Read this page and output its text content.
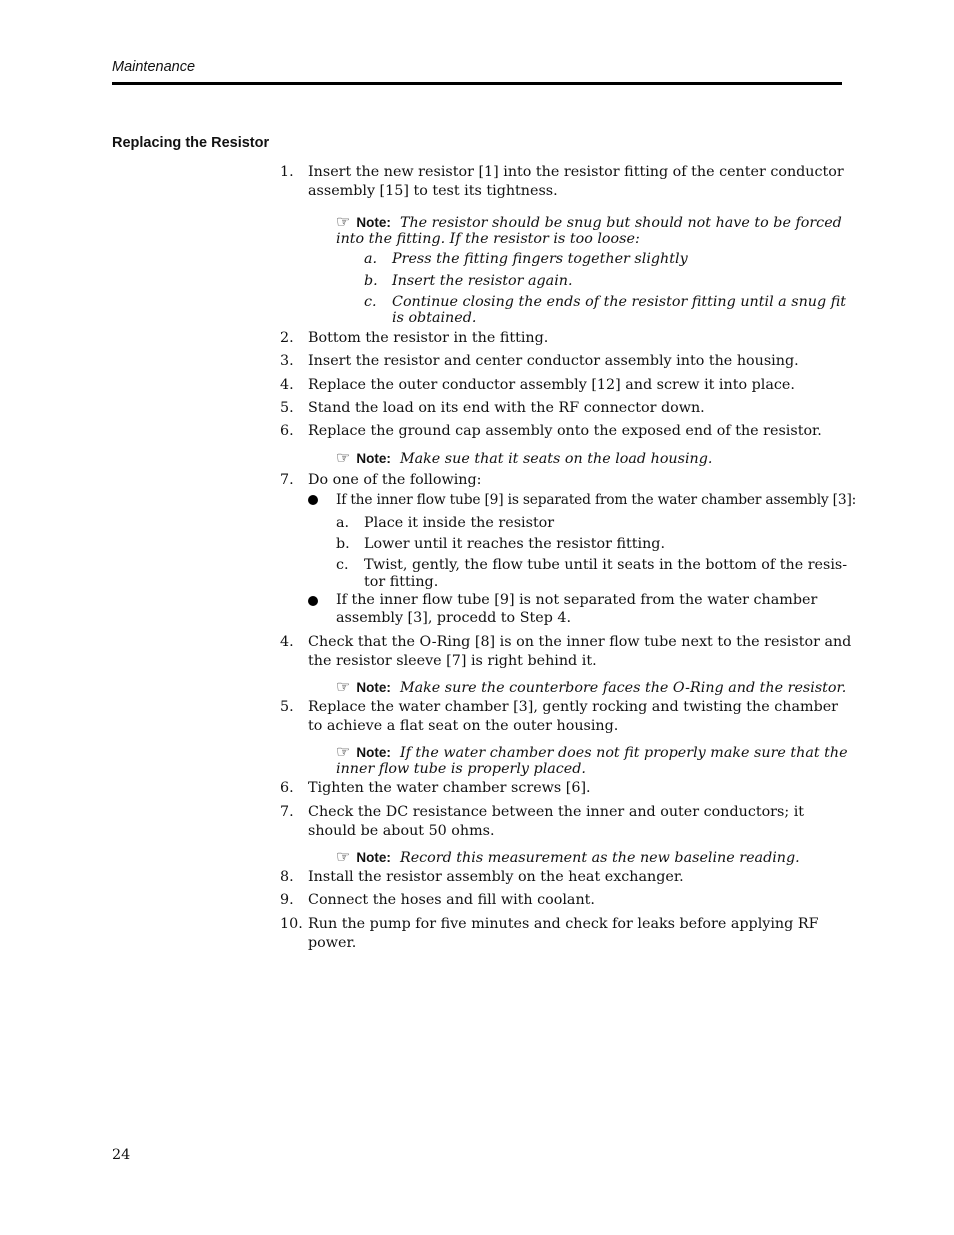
Maintenance
Replacing the Resistor
1.	Insert the new resistor [1] into the resistor fitting of the center conductor
assembly [15] to test its tightness.
☞ Note: The resistor should be snug but should not have to be forced
into the fitting. If the resistor is too loose:
a.	Press the fitting fingers together slightly
b. Insert the resistor again.
c.	Continue closing the ends of the resistor fitting until a snug fit
is obtained.
2.	Bottom the resistor in the fitting.
3.	Insert the resistor and center conductor assembly into the housing.
4.	Replace the outer conductor assembly [12] and screw it into place.
5.	Stand the load on its end with the RF connector down.
6.	Replace the ground cap assembly onto the exposed end of the resistor.
☞ Note: Make sue that it seats on the load housing.
7.	Do one of the following:
If the inner flow tube [9] is separated from the water chamber assembly [3]:
a.	Place it inside the resistor
b. Lower until it reaches the resistor fitting.
c.	Twist, gently, the flow tube until it seats in the bottom of the resis-
tor fitting.
If the inner flow tube [9] is not separated from the water chamber
assembly [3], procedd to Step 4.
4.	Check that the O-Ring [8] is on the inner flow tube next to the resistor and
the resistor sleeve [7] is right behind it.
☞ Note: Make sure the counterbore faces the O-Ring and the resistor.
5.	Replace the water chamber [3], gently rocking and twisting the chamber
to achieve a flat seat on the outer housing.
☞ Note: If the water chamber does not fit properly make sure that the
inner flow tube is properly placed.
6.	Tighten the water chamber screws [6].
7.	Check the DC resistance between the inner and outer conductors; it
should be about 50 ohms.
☞ Note: Record this measurement as the new baseline reading.
8.	Install the resistor assembly on the heat exchanger.
9.	Connect the hoses and fill with coolant.
10. Run the pump for five minutes and check for leaks before applying RF
power.
24
